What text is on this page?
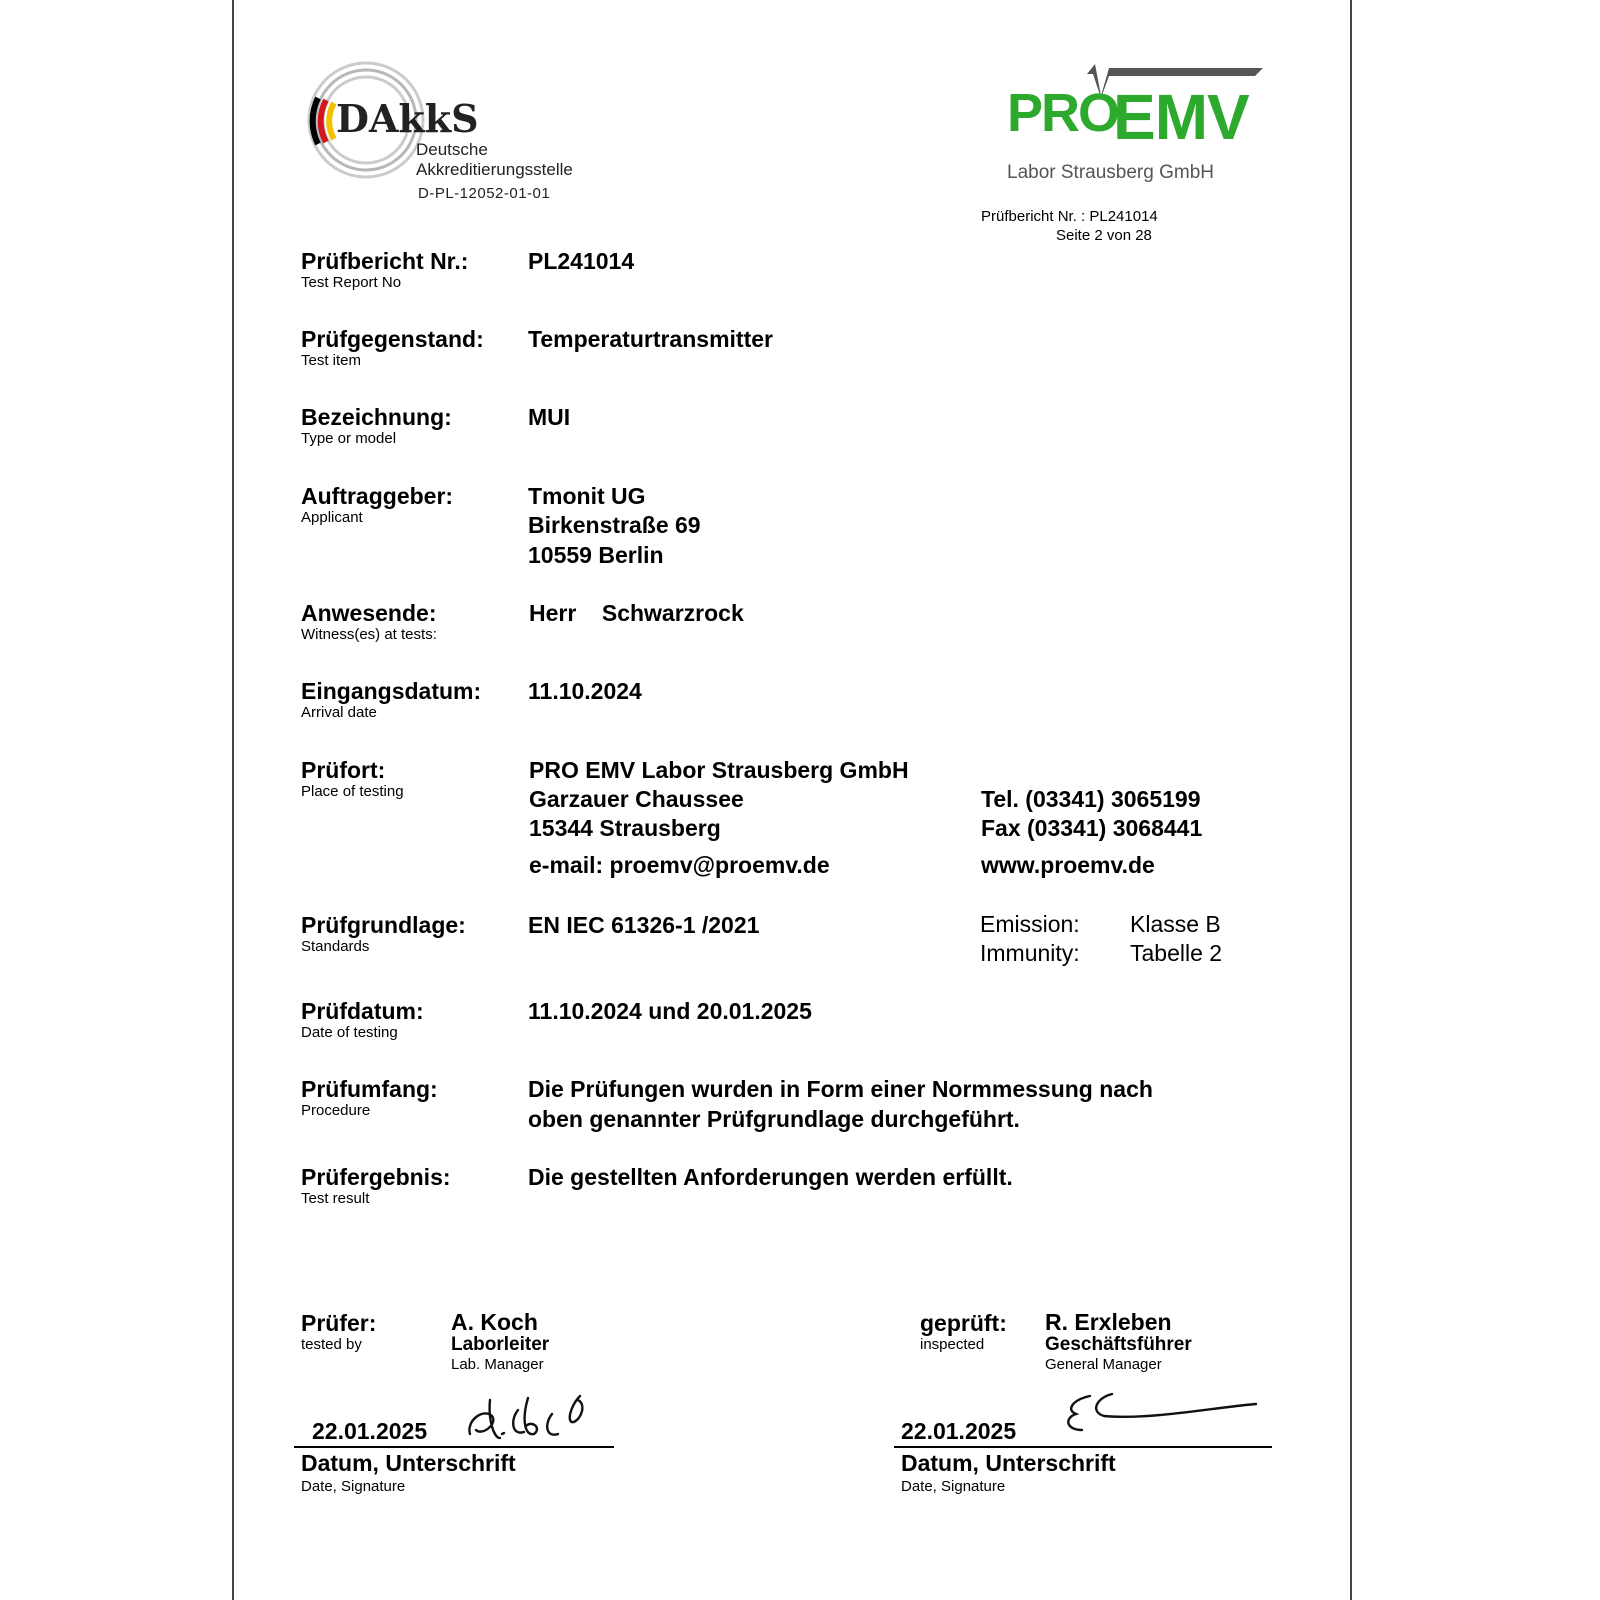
DAkkS
Deutsche
Akkreditierungsstelle
D-PL-12052-01-01
PRO
EMV
Labor Strausberg GmbH
Prüfbericht Nr. : PL241014
Seite 2 von 28
Prüfbericht Nr.:
Test Report No
PL241014
Prüfgegenstand:
Test item
Temperaturtransmitter
Bezeichnung:
Type or model
MUI
Auftraggeber:
Applicant
Tmonit UG
Birkenstraße 69
10559 Berlin
Anwesende:
Witness(es) at tests:
Herr    Schwarzrock
Eingangsdatum:
Arrival date
11.10.2024
Prüfort:
Place of testing
PRO EMV Labor Strausberg GmbH
Garzauer Chaussee
15344 Strausberg
e-mail: proemv@proemv.de
Tel. (03341) 3065199
Fax (03341) 3068441
www.proemv.de
Prüfgrundlage:
Standards
EN IEC 61326-1 /2021	Emission: Klasse B
Immunity: Tabelle 2
Prüfdatum:
Date of testing
11.10.2024 und 20.01.2025
Prüfumfang:
Procedure
Die Prüfungen wurden in Form einer Normmessung nach
oben genannter Prüfgrundlage durchgeführt.
Prüfergebnis:
Test result
Die gestellten Anforderungen werden erfüllt.
Prüfer:
tested by
A. Koch
Laborleiter
Lab. Manager
geprüft:
inspected
R. Erxleben
Geschäftsführer
General Manager
22.01.2025
Datum, Unterschrift
Date, Signature
22.01.2025
Datum, Unterschrift
Date, Signature
